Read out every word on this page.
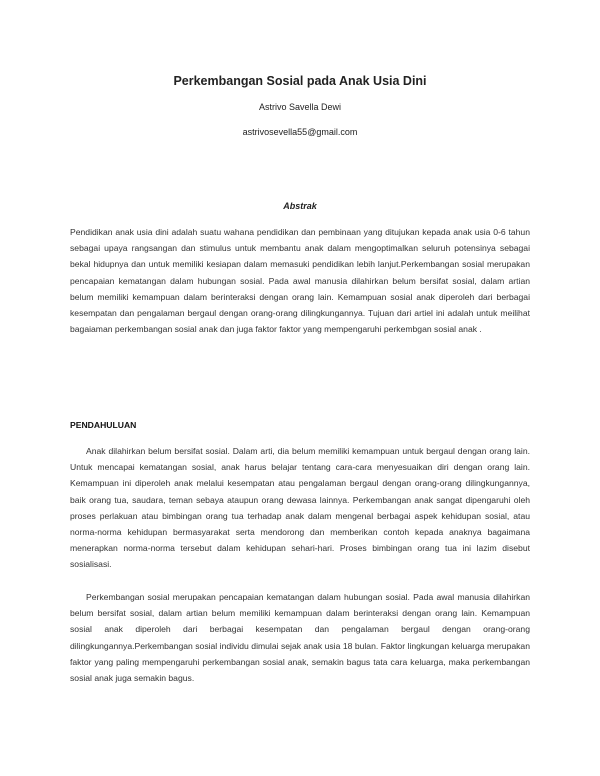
Perkembangan Sosial pada Anak Usia Dini
Astrivo Savella Dewi
astrivosevella55@gmail.com
Abstrak
Pendidikan anak usia dini adalah suatu wahana pendidikan dan pembinaan yang ditujukan kepada anak usia 0-6 tahun sebagai upaya rangsangan dan stimulus untuk membantu anak dalam mengoptimalkan seluruh potensinya sebagai bekal hidupnya dan untuk memiliki kesiapan dalam memasuki pendidikan lebih lanjut.Perkembangan sosial merupakan pencapaian kematangan dalam hubungan sosial. Pada awal manusia dilahirkan belum bersifat sosial, dalam artian belum memiliki kemampuan dalam berinteraksi dengan orang lain. Kemampuan sosial anak diperoleh dari berbagai kesempatan dan pengalaman bergaul dengan orang-orang dilingkungannya. Tujuan dari artiel ini adalah untuk meilihat bagaiaman perkembangan sosial anak dan juga faktor faktor yang mempengaruhi perkembgan sosial anak .
PENDAHULUAN
Anak dilahirkan belum bersifat sosial. Dalam arti, dia belum memiliki kemampuan untuk bergaul dengan orang lain. Untuk mencapai kematangan sosial, anak harus belajar tentang cara-cara menyesuaikan diri dengan orang lain. Kemampuan ini diperoleh anak melalui kesempatan atau pengalaman bergaul dengan orang-orang dilingkungannya, baik orang tua, saudara, teman sebaya ataupun orang dewasa lainnya. Perkembangan anak sangat dipengaruhi oleh proses perlakuan atau bimbingan orang tua terhadap anak dalam mengenal berbagai aspek kehidupan sosial, atau norma-norma kehidupan bermasyarakat serta mendorong dan memberikan contoh kepada anaknya bagaimana menerapkan norma-norma tersebut dalam kehidupan sehari-hari. Proses bimbingan orang tua ini lazim disebut sosialisasi.
Perkembangan sosial merupakan pencapaian kematangan dalam hubungan sosial. Pada awal manusia dilahirkan belum bersifat sosial, dalam artian belum memiliki kemampuan dalam berinteraksi dengan orang lain. Kemampuan sosial anak diperoleh dari berbagai kesempatan dan pengalaman bergaul dengan orang-orang dilingkungannya.Perkembangan sosial individu dimulai sejak anak usia 18 bulan. Faktor lingkungan keluarga merupakan faktor yang paling mempengaruhi perkembangan sosial anak, semakin bagus tata cara keluarga, maka perkembangan sosial anak juga semakin bagus.
